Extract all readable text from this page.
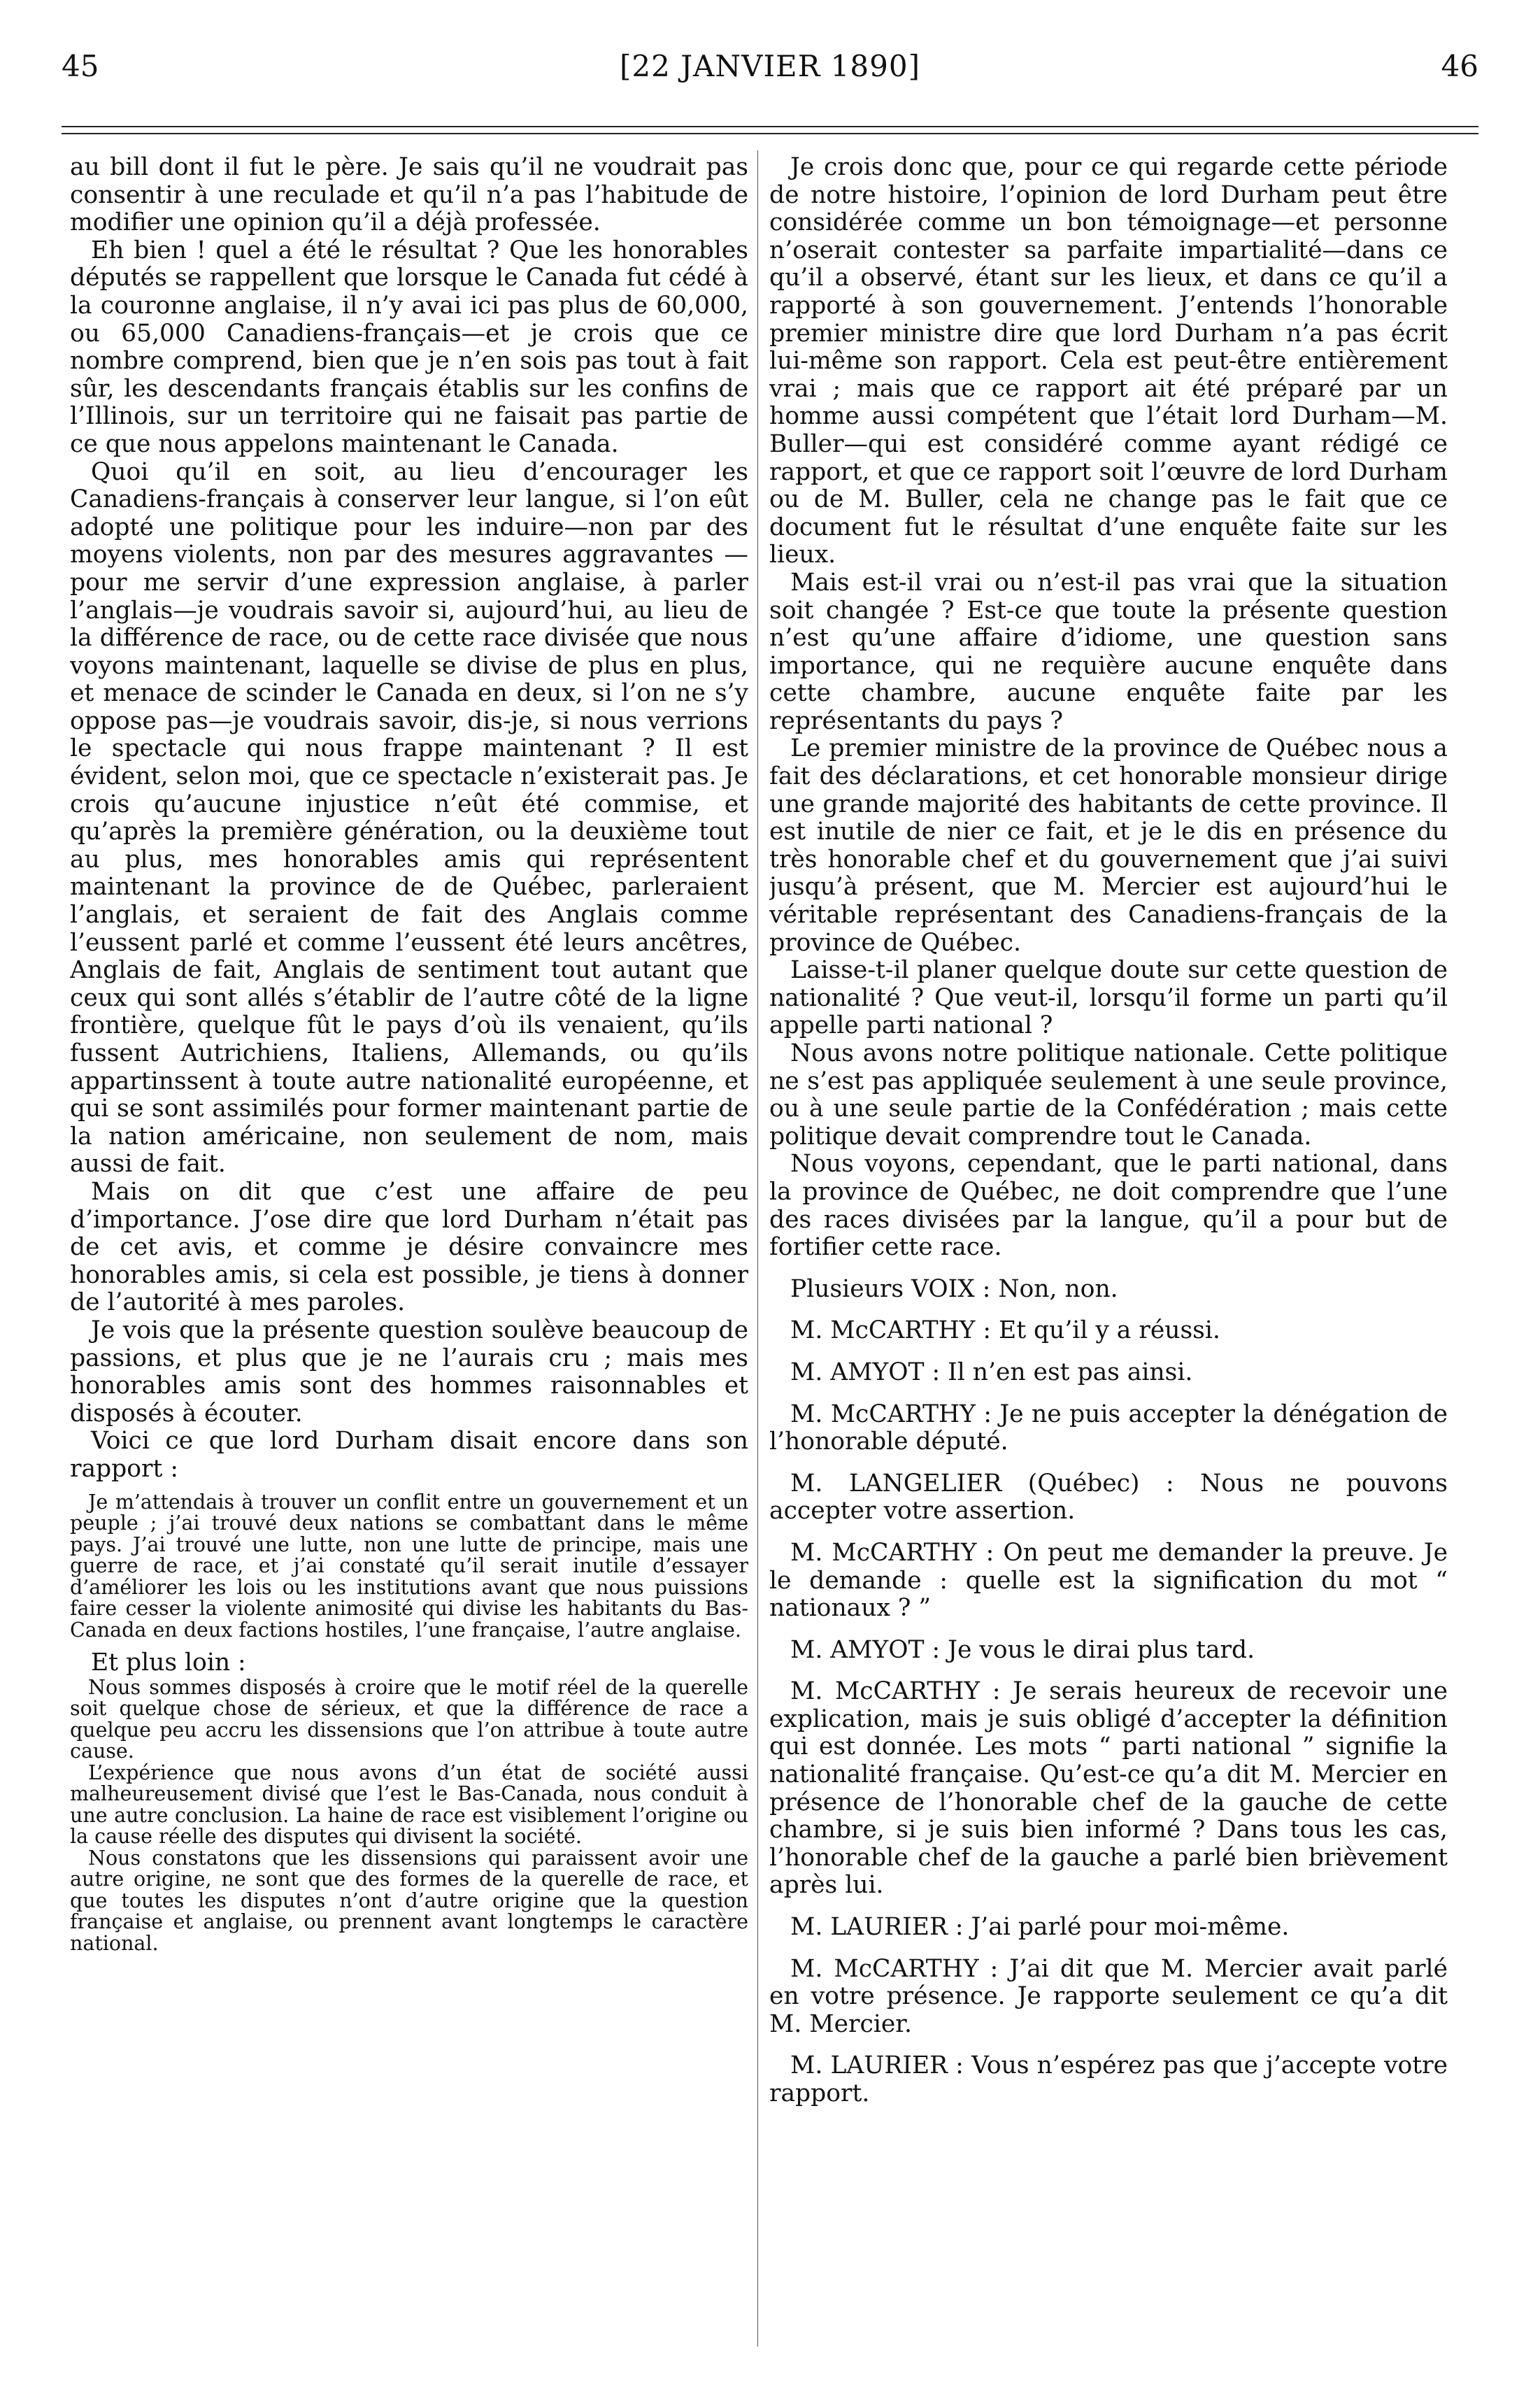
45	[22 JANVIER 1890]	46

au bill dont il fut le père. Je sais qu’il ne voudrait pas consentir à une reculade et qu’il n’a pas l’habitude de modifier une opinion qu’il a déjà professée.

Eh bien ! quel a été le résultat ? Que les honorables députés se rappellent que lorsque le Canada fut cédé à la couronne anglaise, il n’y avai ici pas plus de 60,000, ou 65,000 Canadiens-français—et je crois que ce nombre comprend, bien que je n’en sois pas tout à fait sûr, les descendants français établis sur les confins de l’Illinois, sur un territoire qui ne faisait pas partie de ce que nous appelons maintenant le Canada.

Quoi qu’il en soit, au lieu d’encourager les Canadiens-français à conserver leur langue, si l’on eût adopté une politique pour les induire—non par des moyens violents, non par des mesures aggravantes —pour me servir d’une expression anglaise, à parler l’anglais—je voudrais savoir si, aujourd’hui, au lieu de la différence de race, ou de cette race divisée que nous voyons maintenant, laquelle se divise de plus en plus, et menace de scinder le Canada en deux, si l’on ne s’y oppose pas—je voudrais savoir, dis-je, si nous verrions le spectacle qui nous frappe maintenant ? Il est évident, selon moi, que ce spectacle n’existerait pas. Je crois qu’aucune injustice n’eût été commise, et qu’après la première génération, ou la deuxième tout au plus, mes honorables amis qui représentent maintenant la province de de Québec, parleraient l’anglais, et seraient de fait des Anglais comme l’eussent parlé et comme l’eussent été leurs ancêtres, Anglais de fait, Anglais de sentiment tout autant que ceux qui sont allés s’établir de l’autre côté de la ligne frontière, quelque fût le pays d’où ils venaient, qu’ils fussent Autrichiens, Italiens, Allemands, ou qu’ils appartinssent à toute autre nationalité européenne, et qui se sont assimilés pour former maintenant partie de la nation américaine, non seulement de nom, mais aussi de fait.

Mais on dit que c’est une affaire de peu d’importance. J’ose dire que lord Durham n’était pas de cet avis, et comme je désire convaincre mes honorables amis, si cela est possible, je tiens à donner de l’autorité à mes paroles.

Je vois que la présente question soulève beaucoup de passions, et plus que je ne l’aurais cru ; mais mes honorables amis sont des hommes raisonnables et disposés à écouter.

Voici ce que lord Durham disait encore dans son rapport :

Je m’attendais à trouver un conflit entre un gouvernement et un peuple ; j’ai trouvé deux nations se combattant dans le même pays. J’ai trouvé une lutte, non une lutte de principe, mais une guerre de race, et j’ai constaté qu’il serait inutile d’essayer d’améliorer les lois ou les institutions avant que nous puissions faire cesser la violente animosité qui divise les habitants du Bas-Canada en deux factions hostiles, l’une française, l’autre anglaise.

Et plus loin :

Nous sommes disposés à croire que le motif réel de la querelle soit quelque chose de sérieux, et que la différence de race a quelque peu accru les dissensions que l’on attribue à toute autre cause.

L’expérience que nous avons d’un état de société aussi malheureusement divisé que l’est le Bas-Canada, nous conduit à une autre conclusion. La haine de race est visiblement l’origine ou la cause réelle des disputes qui divisent la société.

Nous constatons que les dissensions qui paraissent avoir une autre origine, ne sont que des formes de la querelle de race, et que toutes les disputes n’ont d’autre origine que la question française et anglaise, ou prennent avant longtemps le caractère national.

Je crois donc que, pour ce qui regarde cette période de notre histoire, l’opinion de lord Durham peut être considérée comme un bon témoignage—et personne n’oserait contester sa parfaite impartialité—dans ce qu’il a observé, étant sur les lieux, et dans ce qu’il a rapporté à son gouvernement. J’entends l’honorable premier ministre dire que lord Durham n’a pas écrit lui-même son rapport. Cela est peut-être entièrement vrai ; mais que ce rapport ait été préparé par un homme aussi compétent que l’était lord Durham—M. Buller—qui est considéré comme ayant rédigé ce rapport, et que ce rapport soit l’œuvre de lord Durham ou de M. Buller, cela ne change pas le fait que ce document fut le résultat d’une enquête faite sur les lieux.

Mais est-il vrai ou n’est-il pas vrai que la situation soit changée ? Est-ce que toute la présente question n’est qu’une affaire d’idiome, une question sans importance, qui ne requière aucune enquête dans cette chambre, aucune enquête faite par les représentants du pays ?

Le premier ministre de la province de Québec nous a fait des déclarations, et cet honorable monsieur dirige une grande majorité des habitants de cette province. Il est inutile de nier ce fait, et je le dis en présence du très honorable chef et du gouvernement que j’ai suivi jusqu’à présent, que M. Mercier est aujourd’hui le véritable représentant des Canadiens-français de la province de Québec.

Laisse-t-il planer quelque doute sur cette question de nationalité ? Que veut-il, lorsqu’il forme un parti qu’il appelle parti national ?

Nous avons notre politique nationale. Cette politique ne s’est pas appliquée seulement à une seule province, ou à une seule partie de la Confédération ; mais cette politique devait comprendre tout le Canada.

Nous voyons, cependant, que le parti national, dans la province de Québec, ne doit comprendre que l’une des races divisées par la langue, qu’il a pour but de fortifier cette race.

Plusieurs VOIX : Non, non.

M. McCARTHY : Et qu’il y a réussi.

M. AMYOT : Il n’en est pas ainsi.

M. McCARTHY : Je ne puis accepter la dénégation de l’honorable député.

M. LANGELIER (Québec) : Nous ne pouvons accepter votre assertion.

M. McCARTHY : On peut me demander la preuve. Je le demande : quelle est la signification du mot “ nationaux ? ”

M. AMYOT : Je vous le dirai plus tard.

M. McCARTHY : Je serais heureux de recevoir une explication, mais je suis obligé d’accepter la définition qui est donnée. Les mots “ parti national ” signifie la nationalité française. Qu’est-ce qu’a dit M. Mercier en présence de l’honorable chef de la gauche de cette chambre, si je suis bien informé ? Dans tous les cas, l’honorable chef de la gauche a parlé bien brièvement après lui.

M. LAURIER : J’ai parlé pour moi-même.

M. McCARTHY : J’ai dit que M. Mercier avait parlé en votre présence. Je rapporte seulement ce qu’a dit M. Mercier.

M. LAURIER : Vous n’espérez pas que j’accepte votre rapport.
